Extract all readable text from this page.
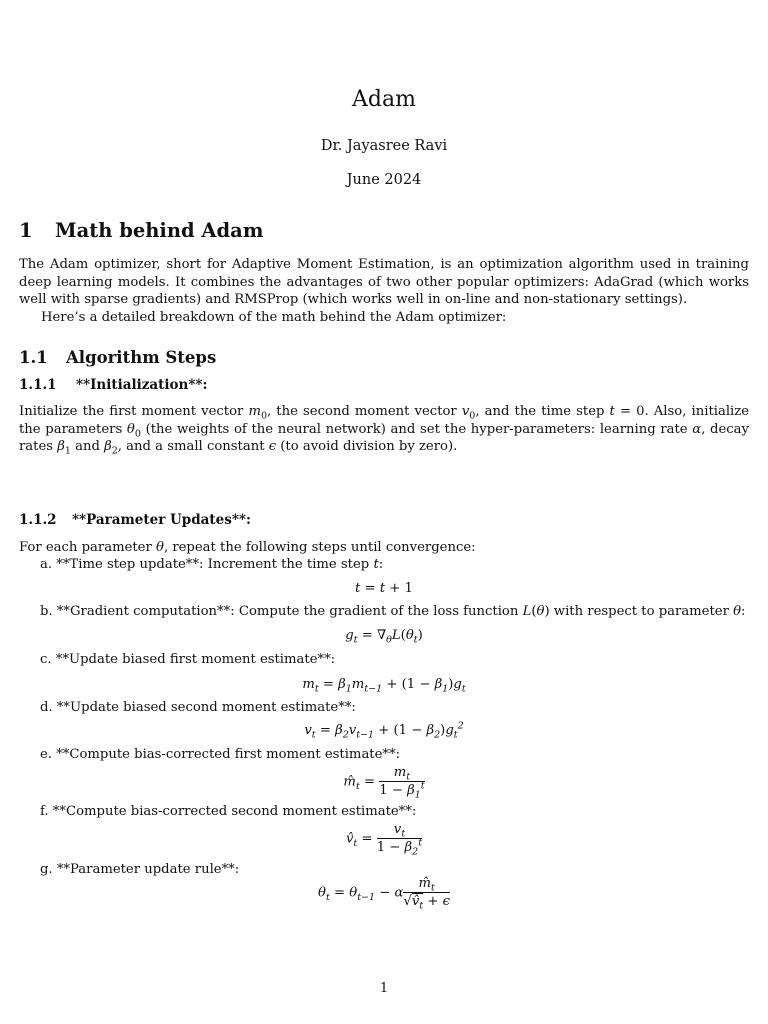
Adam
Dr. Jayasree Ravi
June 2024
1 Math behind Adam
The Adam optimizer, short for Adaptive Moment Estimation, is an optimization algorithm used in training deep learning models. It combines the advantages of two other popular optimizers: AdaGrad (which works well with sparse gradients) and RMSProp (which works well in on-line and non-stationary settings).
Here’s a detailed breakdown of the math behind the Adam optimizer:
1.1 Algorithm Steps
1.1.1 **Initialization**:
Initialize the first moment vector $m_0$, the second moment vector $v_0$, and the time step t = 0. Also, initialize the parameters $\theta_0$ (the weights of the neural network) and set the hyper-parameters: learning rate α, decay rates $\beta_1$ and $\beta_2$, and a small constant ϵ (to avoid division by zero).
1.1.2 **Parameter Updates**:
For each parameter θ, repeat the following steps until convergence:
a. **Time step update**: Increment the time step t:
t = t + 1
b. **Gradient computation**: Compute the gradient of the loss function L(θ) with respect to parameter θ:
$g_t = \nabla_\theta L(\theta_t)$
c. **Update biased first moment estimate**:
$m_t = \beta_1m_{t-1} + (1 - \beta_1)g_t$
d. **Update biased second moment estimate**:
$v_t = \beta_2v_{t-1} + (1 - \beta_2)g_t^2$
e. **Compute bias-corrected first moment estimate**:
$m̂_t = \frac{m_t}{1 - \beta_1^t}$
f. **Compute bias-corrected second moment estimate**:
$v̂_t = \frac{v_t}{1 - \beta_2^t}$
g. **Parameter update rule**:
$\theta_t = \theta_{t-1} - \alpha \frac{m̂_t}{√v̂_t + \epsilon}$
1
